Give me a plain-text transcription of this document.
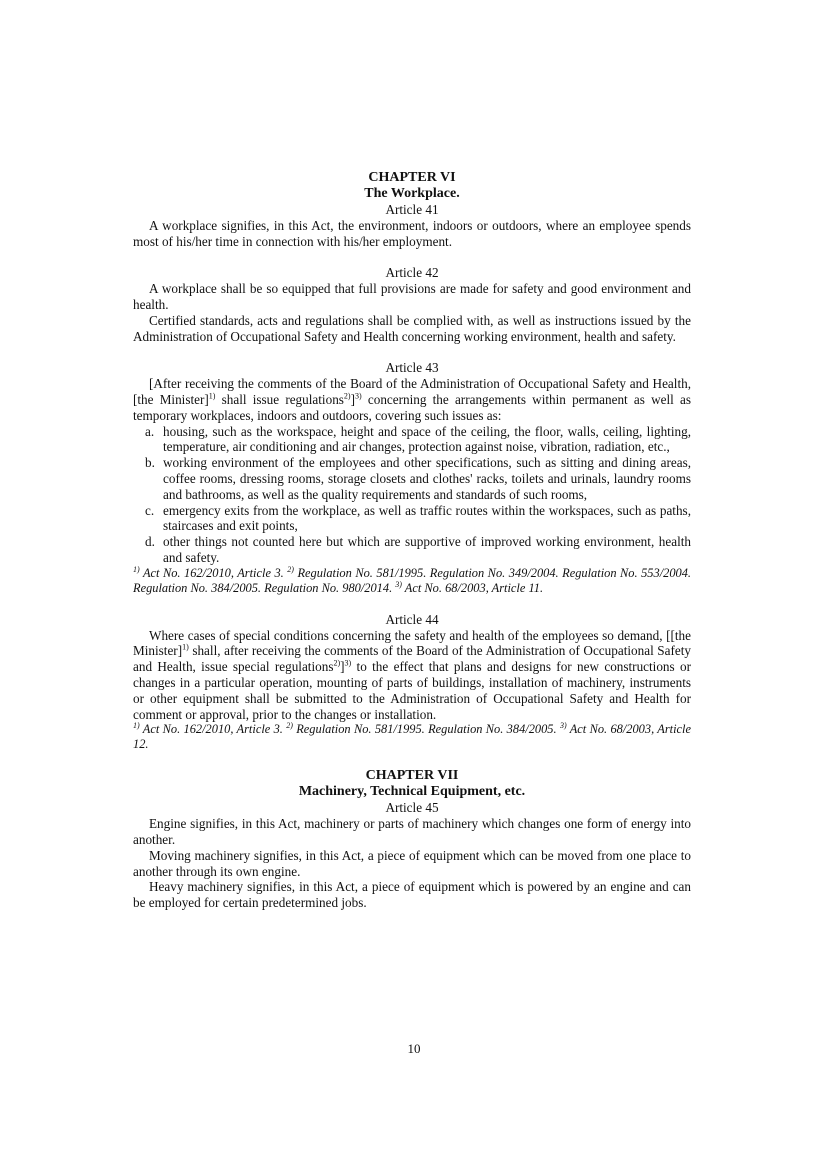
CHAPTER VI
The Workplace.
Article 41

A workplace signifies, in this Act, the environment, indoors or outdoors, where an employee spends most of his/her time in connection with his/her employment.

Article 42

A workplace shall be so equipped that full provisions are made for safety and good environment and health.

Certified standards, acts and regulations shall be complied with, as well as instructions issued by the Administration of Occupational Safety and Health concerning working environment, health and safety.

Article 43

[After receiving the comments of the Board of the Administration of Occupational Safety and Health, [the Minister]$^{1)}$ shall issue regulations$^{2)}$]$^{3)}$ concerning the arrangements within permanent as well as temporary workplaces, indoors and outdoors, covering such issues as:

a. housing, such as the workspace, height and space of the ceiling, the floor, walls, ceiling, lighting, temperature, air conditioning and air changes, protection against noise, vibration, radiation, etc.,
b. working environment of the employees and other specifications, such as sitting and dining areas, coffee rooms, dressing rooms, storage closets and clothes' racks, toilets and urinals, laundry rooms and bathrooms, as well as the quality requirements and standards of such rooms,
c. emergency exits from the workplace, as well as traffic routes within the workspaces, such as paths, staircases and exit points,
d. other things not counted here but which are supportive of improved working environment, health and safety.
$^{1)}$ Act No. 162/2010, Article 3. $^{2)}$ Regulation No. 581/1995. Regulation No. 349/2004. Regulation No. 553/2004. Regulation No. 384/2005. Regulation No. 980/2014. $^{3)}$ Act No. 68/2003, Article 11.
Article 44

Where cases of special conditions concerning the safety and health of the employees so demand, [[the Minister]$^{1)}$ shall, after receiving the comments of the Board of the Administration of Occupational Safety and Health, issue special regulations$^{2)}$]$^{3)}$ to the effect that plans and designs for new constructions or changes in a particular operation, mounting of parts of buildings, installation of machinery, instruments or other equipment shall be submitted to the Administration of Occupational Safety and Health for comment or approval, prior to the changes or installation.

$^{1)}$ Act No. 162/2010, Article 3. $^{2)}$ Regulation No. 581/1995. Regulation No. 384/2005. $^{3)}$ Act No. 68/2003, Article 12.
CHAPTER VII
Machinery, Technical Equipment, etc.
Article 45

Engine signifies, in this Act, machinery or parts of machinery which changes one form of energy into another.

Moving machinery signifies, in this Act, a piece of equipment which can be moved from one place to another through its own engine.

Heavy machinery signifies, in this Act, a piece of equipment which is powered by an engine and can be employed for certain predetermined jobs.

10
